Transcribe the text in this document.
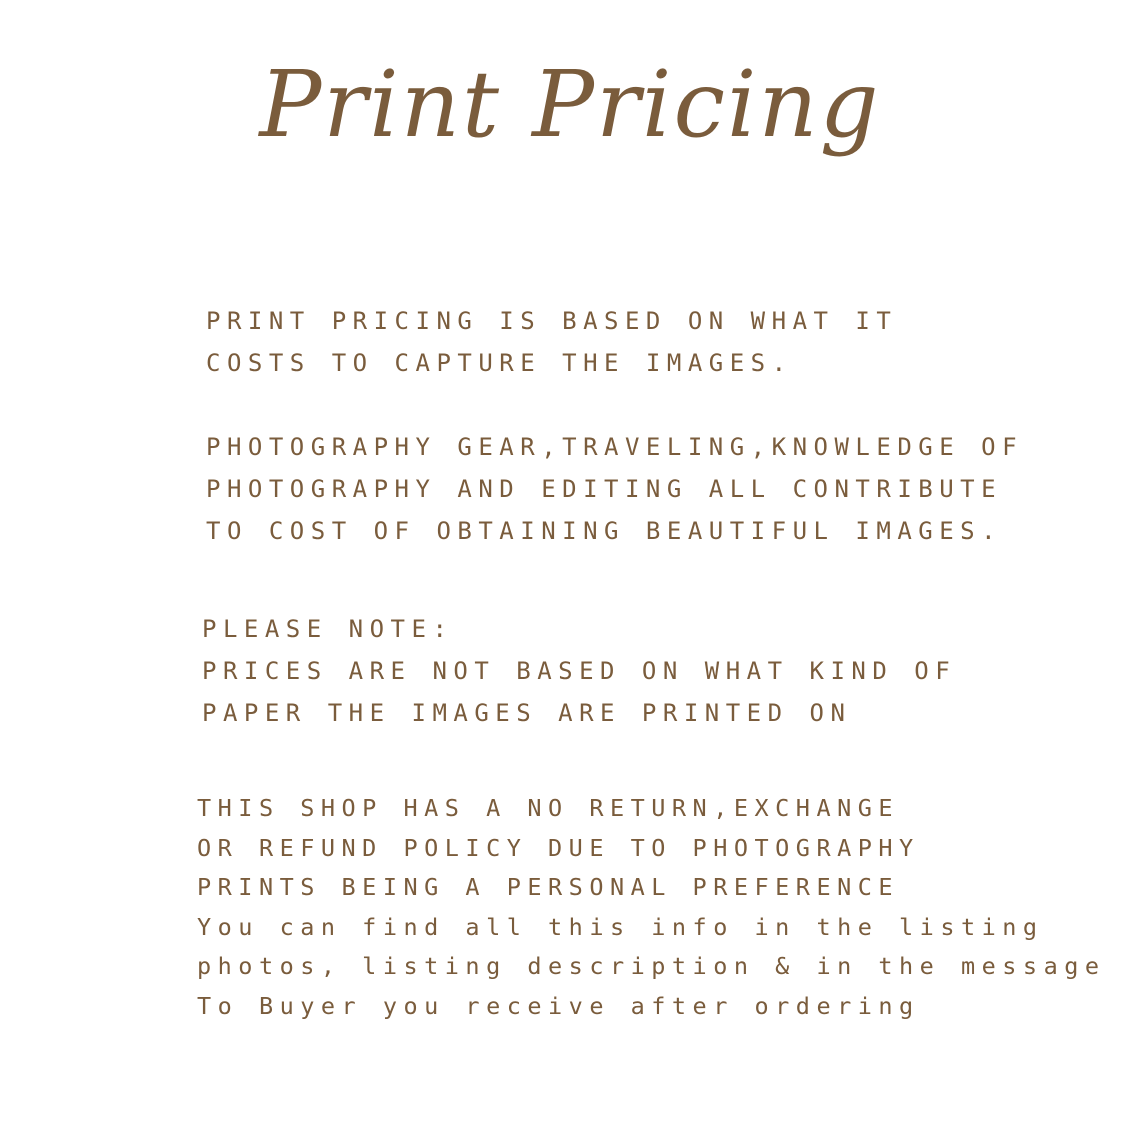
Print Pricing

PRINT PRICING IS BASED ON WHAT IT
COSTS TO CAPTURE THE IMAGES.

PHOTOGRAPHY GEAR,TRAVELING,KNOWLEDGE OF
PHOTOGRAPHY AND EDITING ALL CONTRIBUTE
TO COST OF OBTAINING BEAUTIFUL IMAGES.

PLEASE NOTE:
PRICES ARE NOT BASED ON WHAT KIND OF
PAPER THE IMAGES ARE PRINTED ON

THIS SHOP HAS A NO RETURN,EXCHANGE
OR REFUND POLICY DUE TO PHOTOGRAPHY
PRINTS BEING A PERSONAL PREFERENCE
You can find all this info in the listing
photos, listing description & in the message
To Buyer you receive after ordering
